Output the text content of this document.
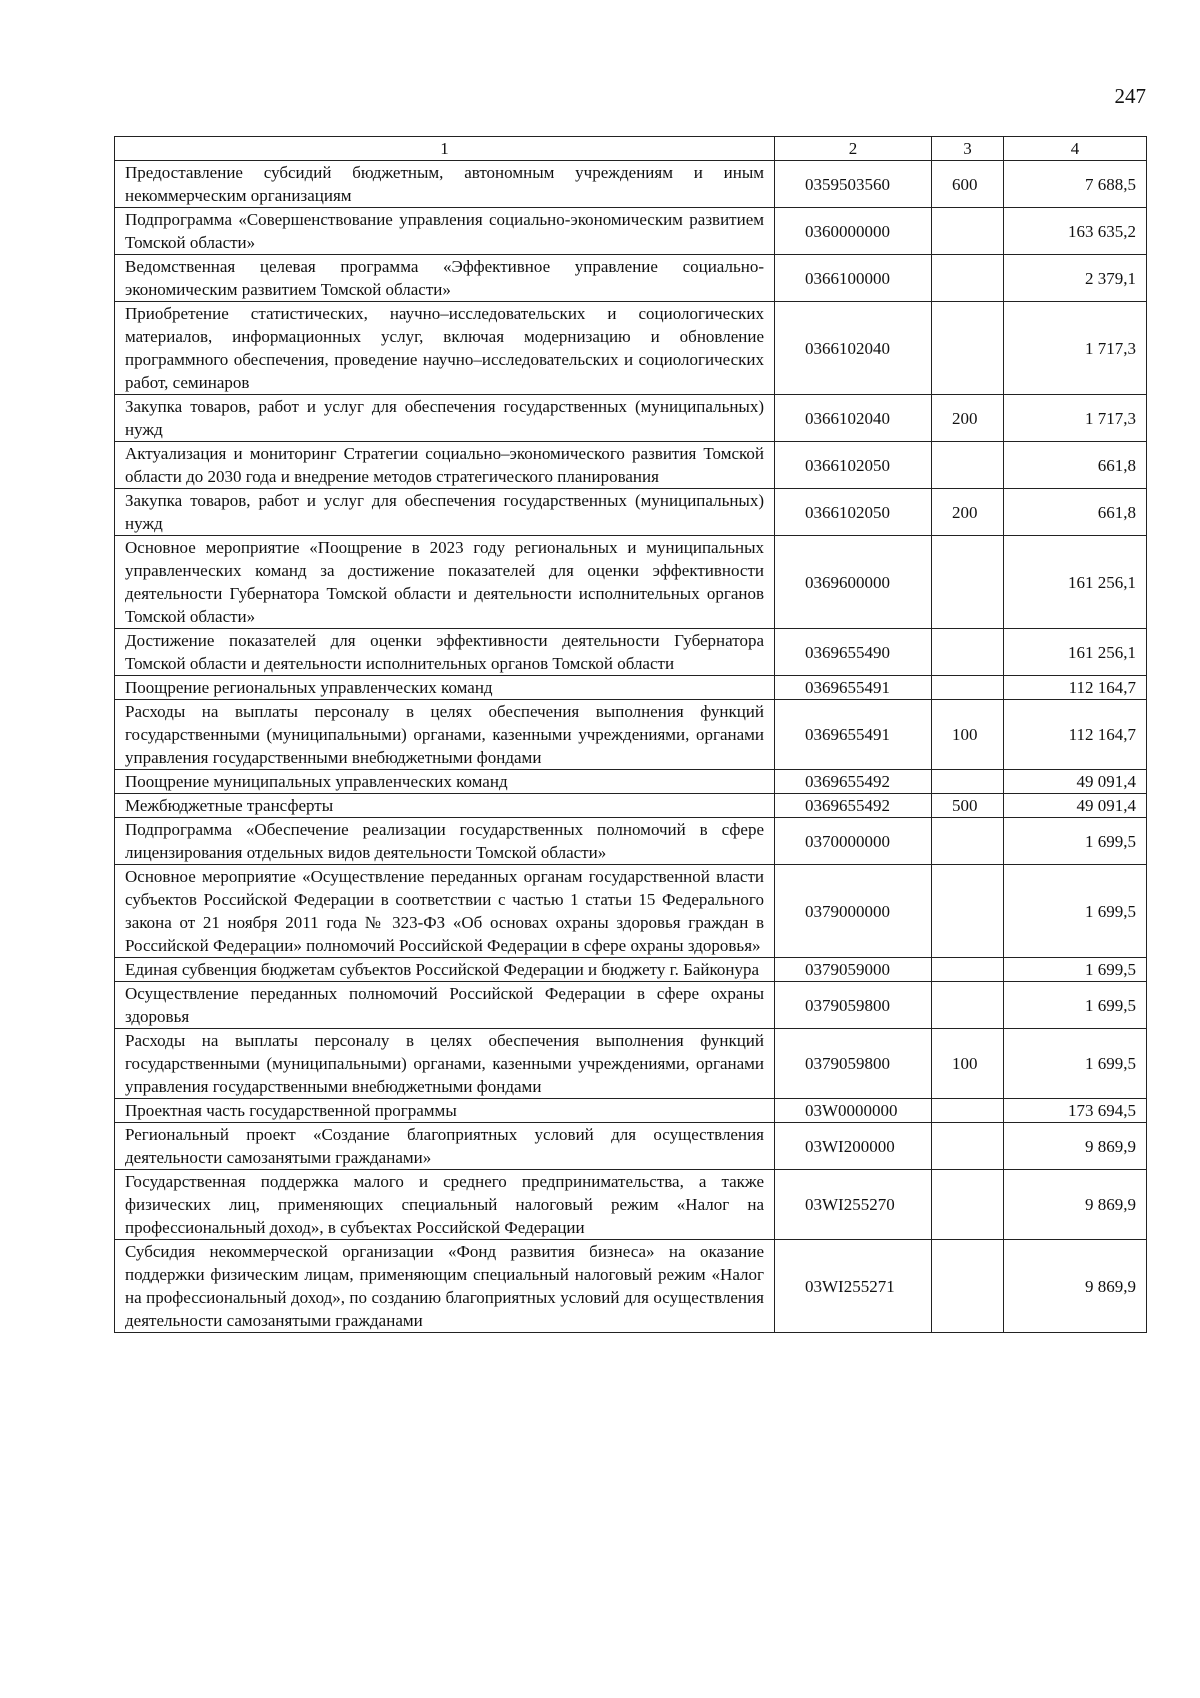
247
1	2	3	4
Предоставление субсидий бюджетным, автономным учреждениям и иным некоммерческим организациям	0359503560	600	7 688,5
Подпрограмма «Совершенствование управления социально-экономическим развитием Томской области»	0360000000		163 635,2
Ведомственная целевая программа «Эффективное управление социально-экономическим развитием Томской области»	0366100000		2 379,1
Приобретение статистических, научно–исследовательских и социологических материалов, информационных услуг, включая модернизацию и обновление программного обеспечения, проведение научно–исследовательских и социологических работ, семинаров	0366102040		1 717,3
Закупка товаров, работ и услуг для обеспечения государственных (муниципальных) нужд	0366102040	200	1 717,3
Актуализация и мониторинг Стратегии социально–экономического развития Томской области до 2030 года и внедрение методов стратегического планирования	0366102050		661,8
Закупка товаров, работ и услуг для обеспечения государственных (муниципальных) нужд	0366102050	200	661,8
Основное мероприятие «Поощрение в 2023 году региональных и муниципальных управленческих команд за достижение показателей для оценки эффективности деятельности Губернатора Томской области и деятельности исполнительных органов Томской области»	0369600000		161 256,1
Достижение показателей для оценки эффективности деятельности Губернатора Томской области и деятельности исполнительных органов Томской области	0369655490		161 256,1
Поощрение региональных управленческих команд	0369655491		112 164,7
Расходы на выплаты персоналу в целях обеспечения выполнения функций государственными (муниципальными) органами, казенными учреждениями, органами управления государственными внебюджетными фондами	0369655491	100	112 164,7
Поощрение муниципальных управленческих команд	0369655492		49 091,4
Межбюджетные трансферты	0369655492	500	49 091,4
Подпрограмма «Обеспечение реализации государственных полномочий в сфере лицензирования отдельных видов деятельности Томской области»	0370000000		1 699,5
Основное мероприятие «Осуществление переданных органам государственной власти субъектов Российской Федерации в соответствии с частью 1 статьи 15 Федерального закона от 21 ноября 2011 года № 323-ФЗ «Об основах охраны здоровья граждан в Российской Федерации» полномочий Российской Федерации в сфере охраны здоровья»	0379000000		1 699,5
Единая субвенция бюджетам субъектов Российской Федерации и бюджету г. Байконура	0379059000		1 699,5
Осуществление переданных полномочий Российской Федерации в сфере охраны здоровья	0379059800		1 699,5
Расходы на выплаты персоналу в целях обеспечения выполнения функций государственными (муниципальными) органами, казенными учреждениями, органами управления государственными внебюджетными фондами	0379059800	100	1 699,5
Проектная часть государственной программы	03W0000000		173 694,5
Региональный проект «Создание благоприятных условий для осуществления деятельности самозанятыми гражданами»	03WI200000		9 869,9
Государственная поддержка малого и среднего предпринимательства, а также физических лиц, применяющих специальный налоговый режим «Налог на профессиональный доход», в субъектах Российской Федерации	03WI255270		9 869,9
Субсидия некоммерческой организации «Фонд развития бизнеса» на оказание поддержки физическим лицам, применяющим специальный налоговый режим «Налог на профессиональный доход», по созданию благоприятных условий для осуществления деятельности самозанятыми гражданами	03WI255271		9 869,9
